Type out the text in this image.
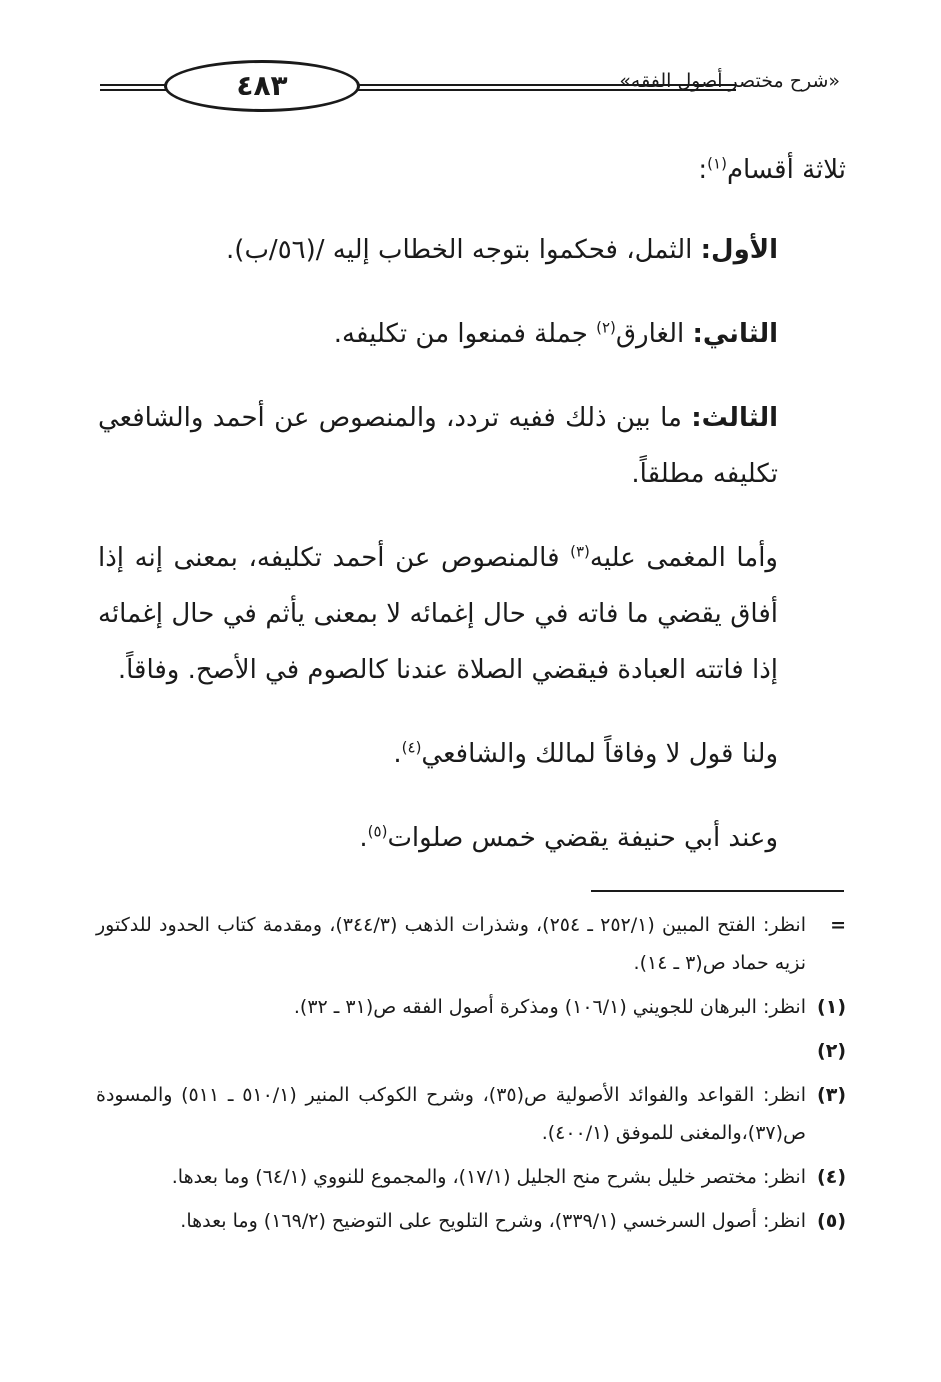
٤٨٣	«شرح مختصر أصول الفقه»

ثلاثة أقسام$^{(١)}$:

الأول: الثمل، فحكموا بتوجه الخطاب إليه /(٥٦/ب).

الثاني: الغارق$^{(٢)}$ جملة فمنعوا من تكليفه.

الثالث: ما بين ذلك ففيه تردد، والمنصوص عن أحمد والشافعي تكليفه مطلقاً.

وأما المغمى عليه$^{(٣)}$ فالمنصوص عن أحمد تكليفه، بمعنى إنه إذا أفاق يقضي ما فاته في حال إغمائه لا بمعنى يأثم في حال إغمائه إذا فاتته العبادة فيقضي الصلاة عندنا كالصوم في الأصح. وفاقاً.

ولنا قول لا وفاقاً لمالك والشافعي$^{(٤)}$.

وعند أبي حنيفة يقضي خمس صلوات$^{(٥)}$.

=
انظر: الفتح المبين (٢٥٢/١ ـ ٢٥٤)، وشذرات الذهب (٣٤٤/٣)، ومقدمة كتاب الحدود للدكتور نزيه حماد ص(٣ ـ ١٤).
(١)
انظر: البرهان للجويني (١٠٦/١) ومذكرة أصول الفقه ص(٣١ ـ ٣٢).
(٢)
(٣)
انظر: القواعد والفوائد الأصولية ص(٣٥)، وشرح الكوكب المنير (٥١٠/١ ـ ٥١١) والمسودة ص(٣٧)،والمغنى للموفق (٤٠٠/١).
(٤)
انظر: مختصر خليل بشرح منح الجليل (١٧/١)، والمجموع للنووي (٦٤/١) وما بعدها.
(٥)
انظر: أصول السرخسي (٣٣٩/١)، وشرح التلويح على التوضيح (١٦٩/٢) وما بعدها.
